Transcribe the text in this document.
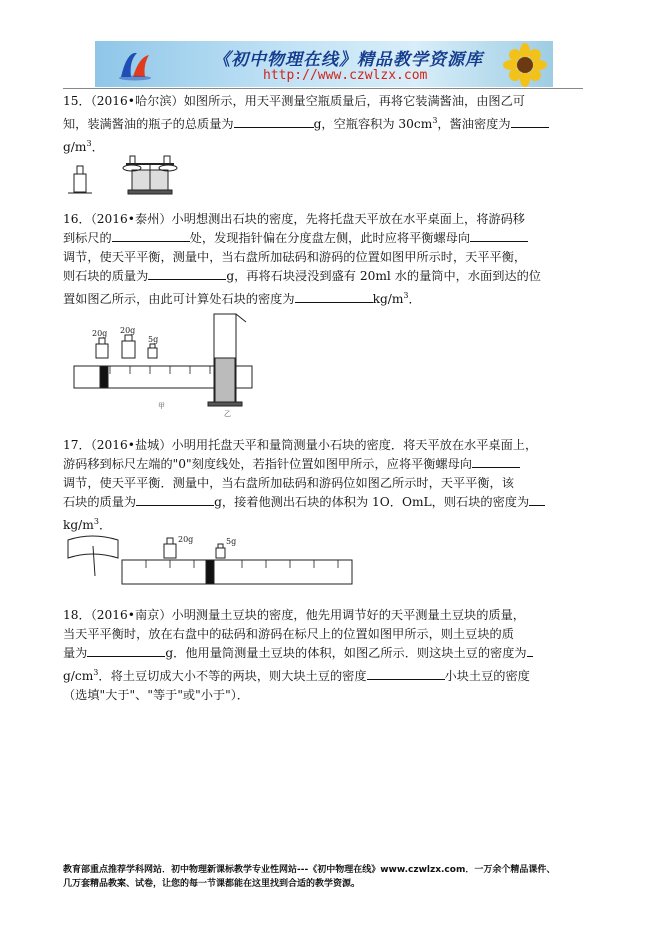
《初中物理在线》精品教学资源库
http://www.czwlzx.com

15．（2016•哈尔滨）如图所示，用天平测量空瓶质量后，再将它装满酱油，由图乙可

知，装满酱油的瓶子的总质量为	g，空瓶容积为 $30cm^3$，酱油密度为

$g/m^3$．

16．（2016•泰州）小明想测出石块的密度，先将托盘天平放在水平桌面上，将游码移

到标尺的	处，发现指针偏在分度盘左侧，此时应将平衡螺母向

调节，使天平平衡，测量中，当右盘所加砝码和游码的位置如图甲所示时，天平平衡，

则石块的质量为	g，再将石块浸没到盛有 20ml 水的量筒中，水面到达的位

置如图乙所示，由此可计算处石块的密度为	$kg/m^3$．

20g 20g
5g
甲
乙

17．（2016•盐城）小明用托盘天平和量筒测量小石块的密度．将天平放在水平桌面上，

游码移到标尺左端的"0"刻度线处，若指针位置如图甲所示，应将平衡螺母向

调节，使天平平衡．测量中，当右盘所加砝码和游码位如图乙所示时，天平平衡，该

石块的质量为	g，接着他测出石块的体积为 1O．OmL，则石块的密度为

$kg/m^3$．

20g	5g

18．（2016•南京）小明测量土豆块的密度，他先用调节好的天平测量土豆块的质量，

当天平平衡时，放在右盘中的砝码和游码在标尺上的位置如图甲所示，则土豆块的质

量为	g．他用量筒测量土豆块的体积，如图乙所示．则这块土豆的密度为

$g/cm^3$．将土豆切成大小不等的两块，则大块土豆的密度	小块土豆的密度

（选填"大于"、"等于"或"小于"）．

教育部重点推荐学科网站．初中物理新课标教学专业性网站---《初中物理在线》www.czwlzx.com．一万余个精品课件、

几万套精品教案、试卷，让您的每一节课都能在这里找到合适的教学资源。
